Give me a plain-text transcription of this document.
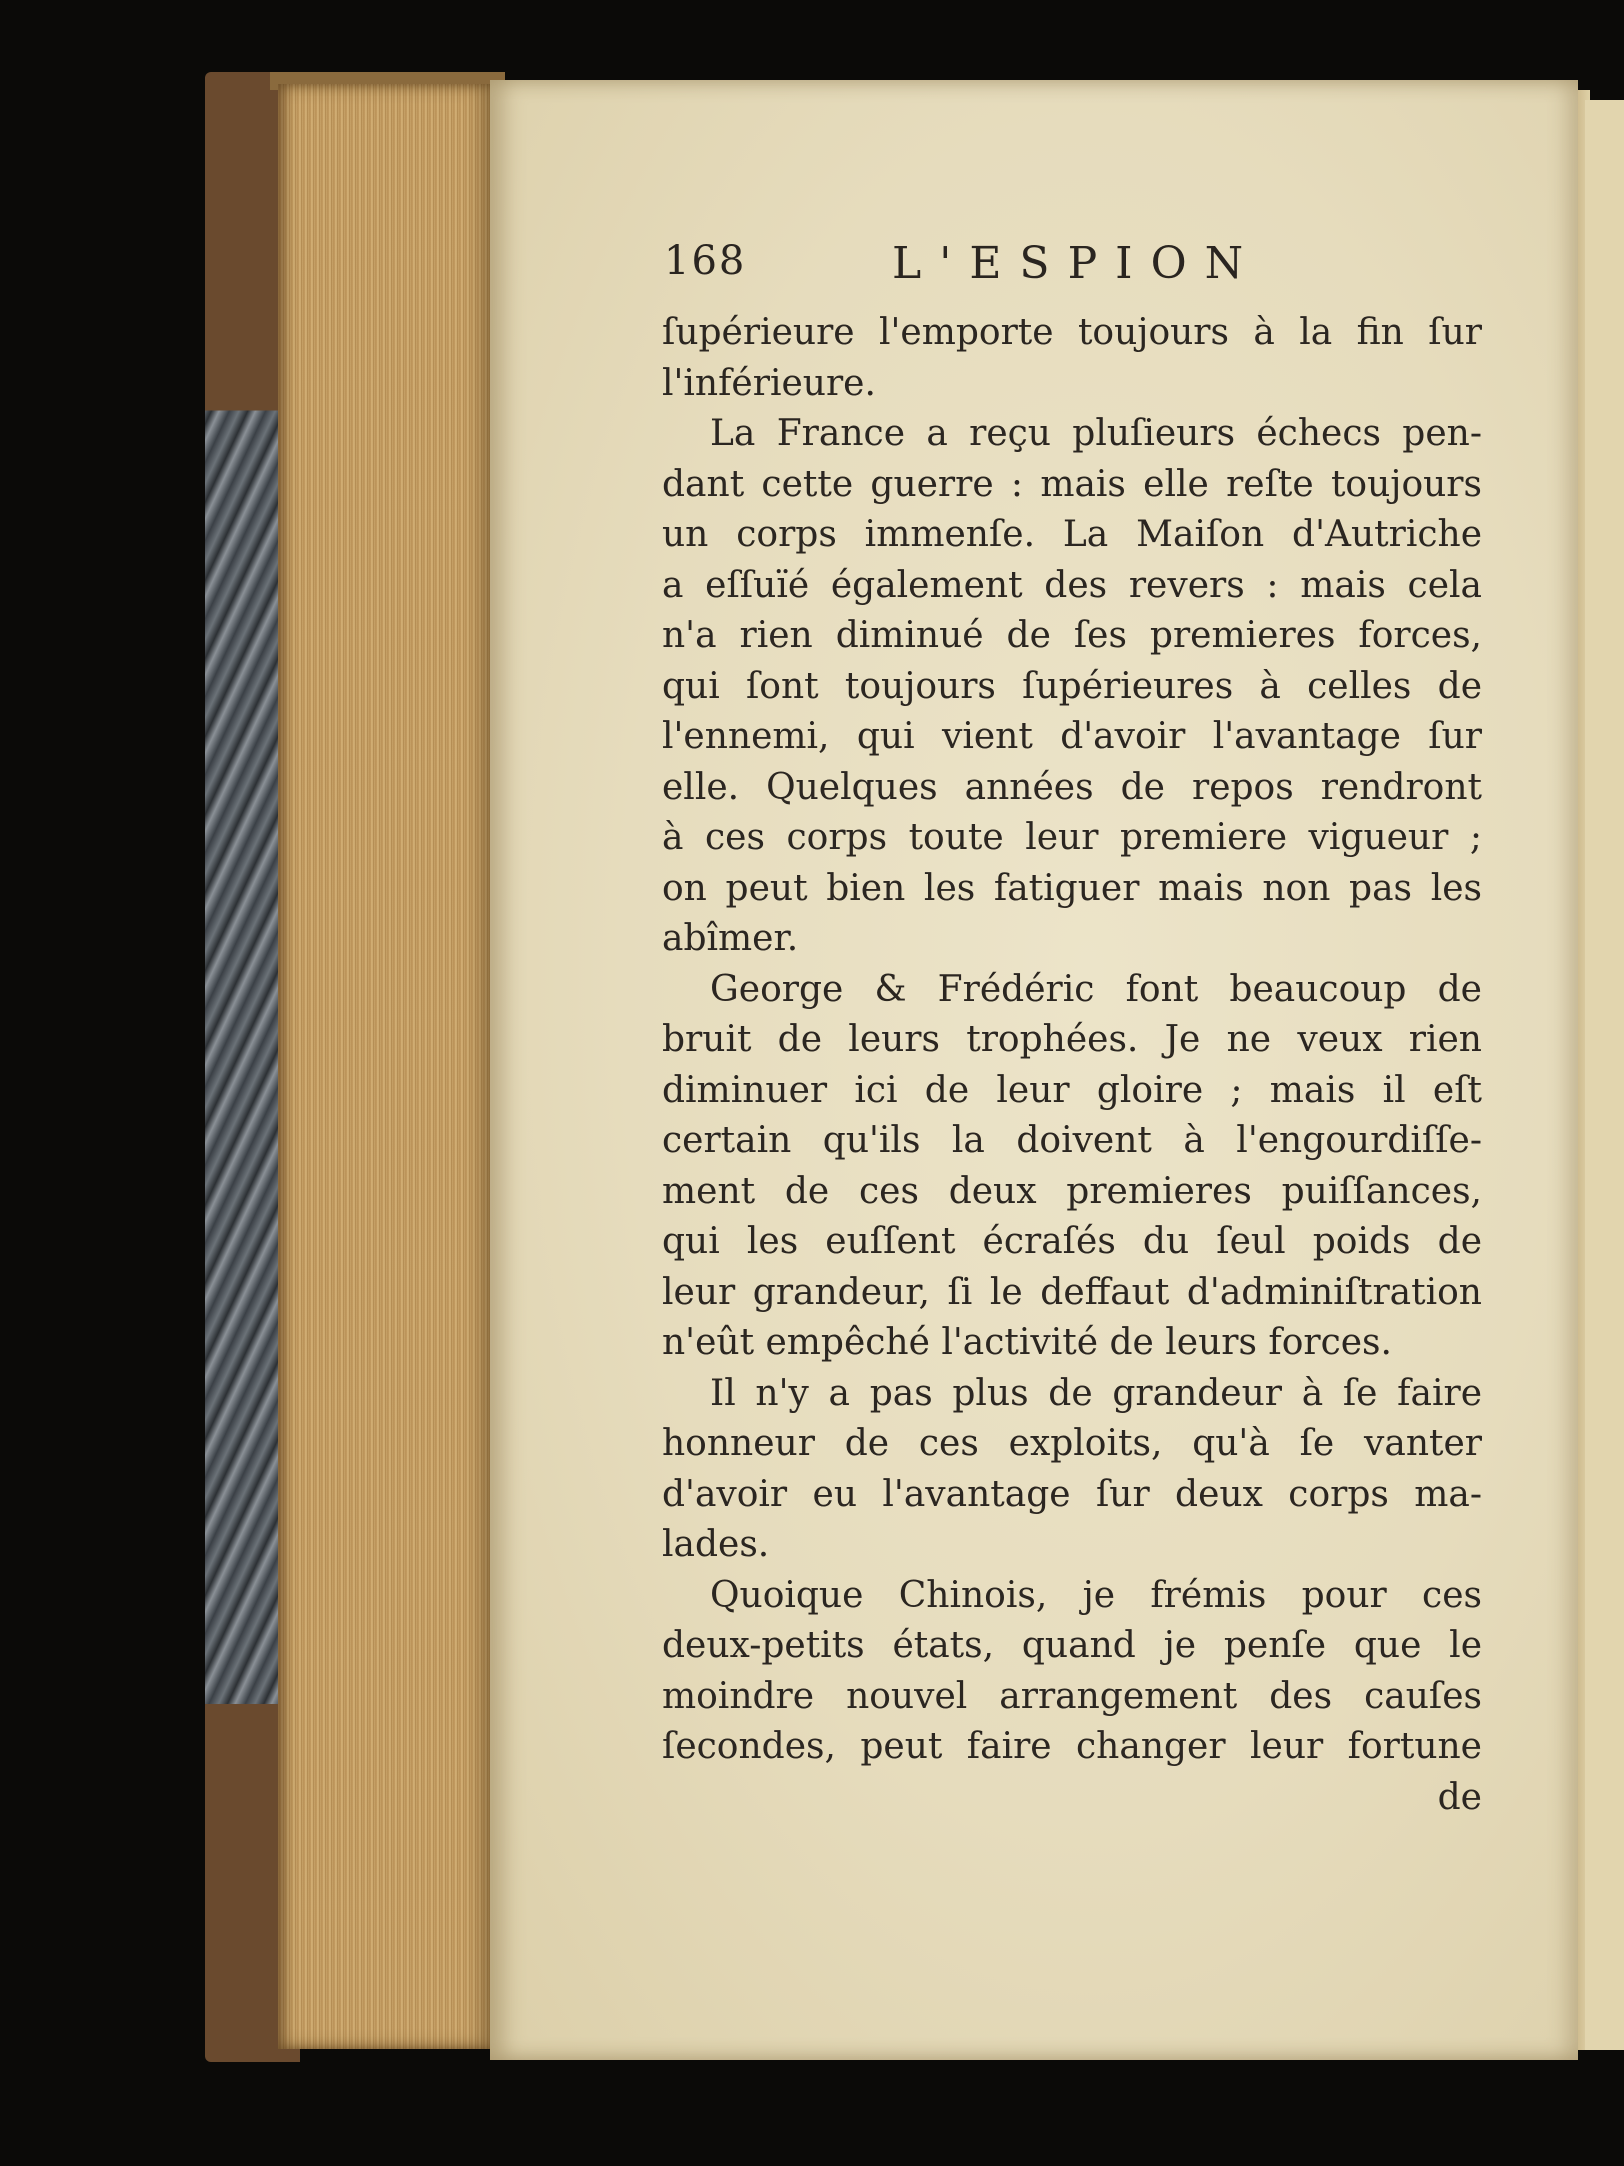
168	L'ESPION
ſupérieure l'emporte toujours à la fin ſur
l'inférieure.
La France a reçu pluſieurs échecs pen-
dant cette guerre : mais elle reſte toujours
un corps immenſe. La Maiſon d'Autriche
a eſſuïé également des revers : mais cela
n'a rien diminué de ſes premieres forces,
qui ſont toujours ſupérieures à celles de
l'ennemi, qui vient d'avoir l'avantage ſur
elle. Quelques années de repos rendront
à ces corps toute leur premiere vigueur ;
on peut bien les fatiguer mais non pas les
abîmer.
George & Frédéric font beaucoup de
bruit de leurs trophées. Je ne veux rien
diminuer ici de leur gloire ; mais il eſt
certain qu'ils la doivent à l'engourdiſſe-
ment de ces deux premieres puiſſances,
qui les euſſent écraſés du ſeul poids de
leur grandeur, ſi le deffaut d'adminiſtration
n'eût empêché l'activité de leurs forces.
Il n'y a pas plus de grandeur à ſe faire
honneur de ces exploits, qu'à ſe vanter
d'avoir eu l'avantage ſur deux corps ma-
lades.
Quoique Chinois, je frémis pour ces
deux-petits états, quand je penſe que le
moindre nouvel arrangement des cauſes
ſecondes, peut faire changer leur fortune
de
